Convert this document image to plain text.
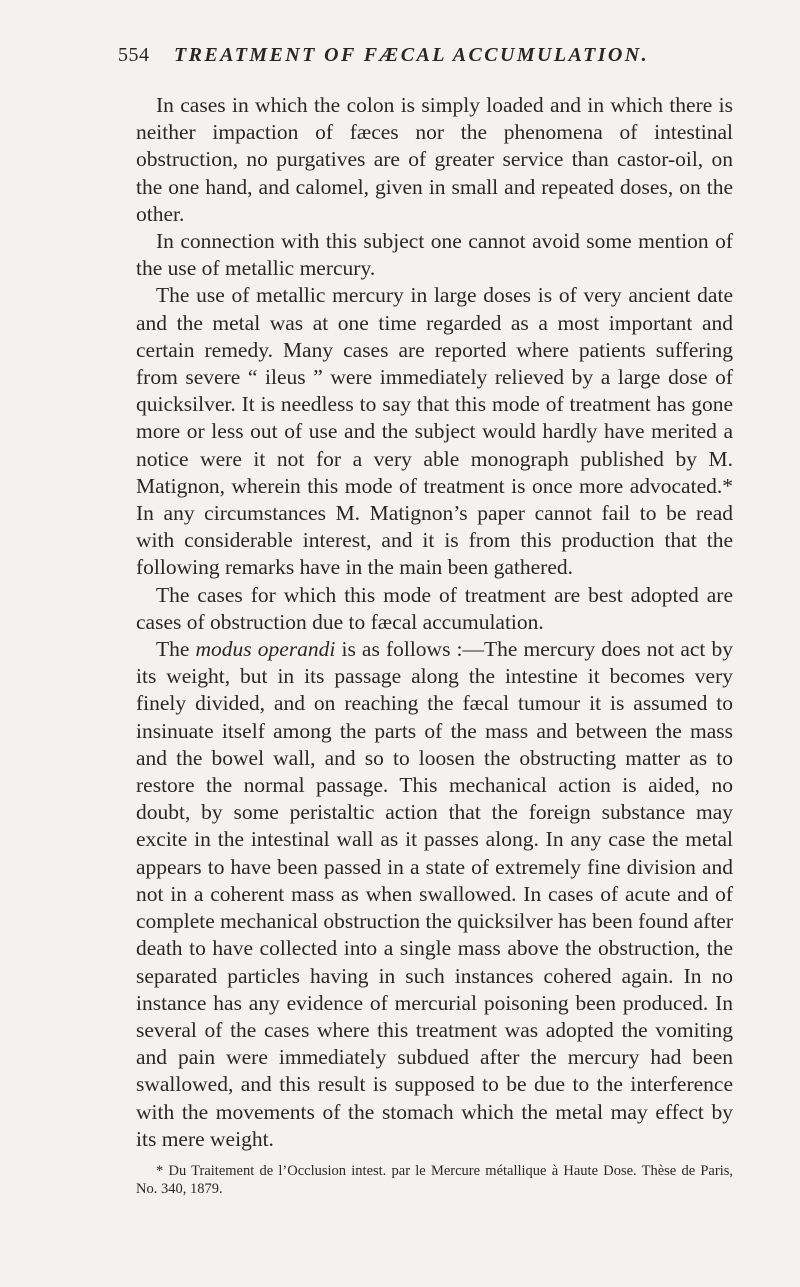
554 TREATMENT OF FÆCAL ACCUMULATION.

In cases in which the colon is simply loaded and in which there is neither impaction of fæces nor the phenomena of intestinal obstruction, no purgatives are of greater service than castor-oil, on the one hand, and calomel, given in small and repeated doses, on the other.

In connection with this subject one cannot avoid some mention of the use of metallic mercury.

The use of metallic mercury in large doses is of very ancient date and the metal was at one time regarded as a most important and certain remedy. Many cases are reported where patients suffering from severe “ ileus ” were immediately relieved by a large dose of quicksilver. It is needless to say that this mode of treatment has gone more or less out of use and the subject would hardly have merited a notice were it not for a very able monograph published by M. Matignon, wherein this mode of treatment is once more advocated.* In any circumstances M. Matignon’s paper cannot fail to be read with considerable interest, and it is from this production that the following remarks have in the main been gathered.

The cases for which this mode of treatment are best adopted are cases of obstruction due to fæcal accumulation.

The modus operandi is as follows :—The mercury does not act by its weight, but in its passage along the intestine it becomes very finely divided, and on reaching the fæcal tumour it is assumed to insinuate itself among the parts of the mass and between the mass and the bowel wall, and so to loosen the obstructing matter as to restore the normal passage. This mechanical action is aided, no doubt, by some peristaltic action that the foreign substance may excite in the intestinal wall as it passes along. In any case the metal appears to have been passed in a state of extremely fine division and not in a coherent mass as when swallowed. In cases of acute and of complete mechanical obstruction the quicksilver has been found after death to have collected into a single mass above the obstruction, the separated particles having in such instances cohered again. In no instance has any evidence of mercurial poisoning been produced. In several of the cases where this treatment was adopted the vomiting and pain were immediately subdued after the mercury had been swallowed, and this result is supposed to be due to the interference with the movements of the stomach which the metal may effect by its mere weight.

* Du Traitement de l’Occlusion intest. par le Mercure métallique à Haute Dose. Thèse de Paris, No. 340, 1879.
